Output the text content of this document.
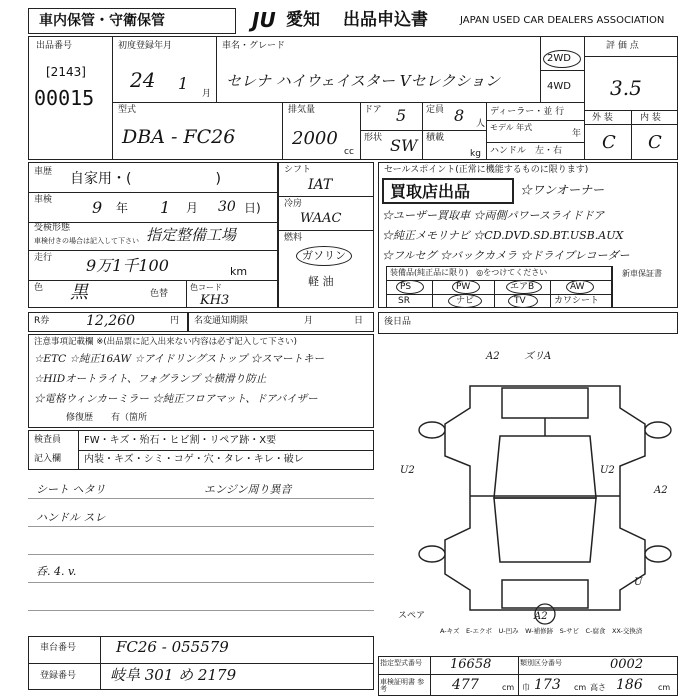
車内保管・守衛保管	JU 愛知 出品申込書	JAPAN USED CAR DEALERS ASSOCIATION
出品番号
[2143]
00015
初度登録年月
24 1
月
車名・グレード
セレナ ハイウェイスター Vセレクション
2WD
4WD
評 価 点
3.5
外 装	内 装
C C
型式
DBA - FC26
排気量
2000
cc
ドア 5 定員 8 人
形状 SW 積載
kg
ディーラー・並 行
モデル 年式
年
ハンドル　左・右
車歴 自家用・(　　　　　　)
車検 9 年 1 月 30 日)
受検形態
車検付きの場合は記入して下さい 指定整備工場
走行 9万1千100	km
色 黒	色替
色コード
KH3
シフト
IAT
冷房
WAAC
燃料
ガソリン
軽 油
セールスポイント(正常に機能するものに限ります)
買取店出品	☆ワンオーナー
☆ユーザー買取車 ☆両側パワースライドドア
☆純正メモリナビ ☆CD.DVD.SD.BT.USB.AUX
☆フルセグ ☆バックカメラ ☆ドライブレコーダー
装備品(純正品に限り)　◎をつけてください	新車保証書
PS	PW	エアB	AW
SR	ナビ	TV	カワシート
R券	12,260	円 名変通知期限	月	日
注意事項記載欄 ※(出品票に記入出来ない内容は必ず記入して下さい)
☆ETC ☆純正16AW ☆アイドリングストップ ☆スマートキー
☆HIDオートライト、フォグランプ ☆横滑り防止
☆電格ウィンカーミラー ☆純正フロアマット、ドアバイザー
修復歴　　有（箇所
後日品
検査員
記入欄
FW・キズ・殆石・ヒビ割・リペア跡・X要
内装・キズ・シミ・コゲ・穴・タレ・キレ・破レ
シート ヘタリ
ハンドル スレ
呑. 4. v.
エンジン周り異音
A2 ズリA
U2	U2
A2
U
A2
スペア
A-キズ　E-エクボ　U-凹み　W-補修跡　S-サビ　C-腐食　XX-交換済
車台番号	FC26 - 055579
登録番号 岐阜 301 め 2179
指定型式番号 16658	類別区分番号	0002
車検証明書 参考	477	cm 巾 173 cm 高さ 186 cm
